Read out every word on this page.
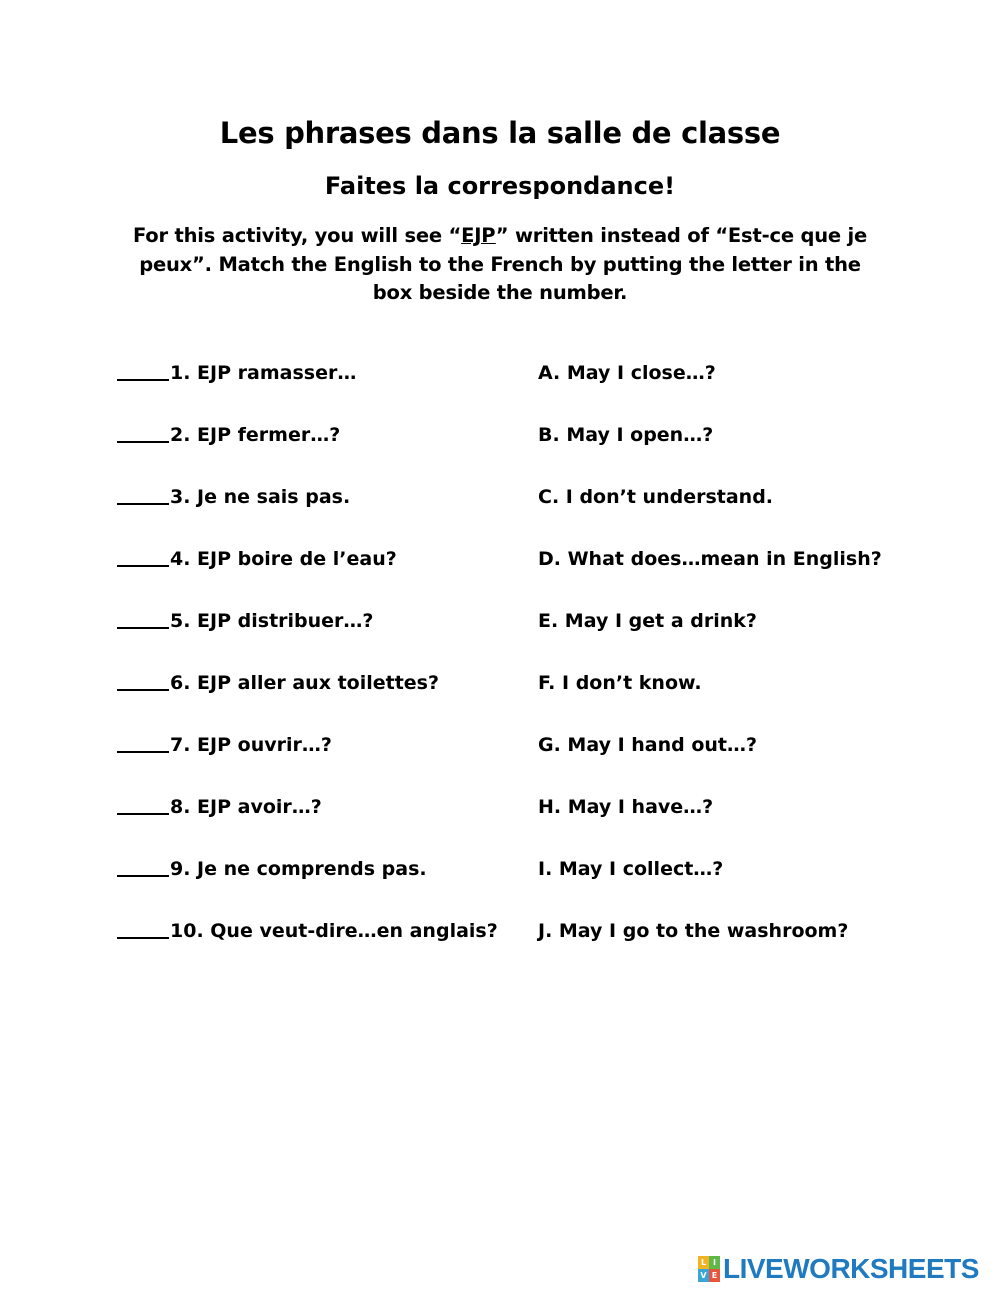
Les phrases dans la salle de classe
Faites la correspondance!
For this activity, you will see “EJP” written instead of “Est-ce que je peux”. Match the English to the French by putting the letter in the box beside the number.
1. EJP ramasser…	A. May I close…?
2. EJP fermer…?	B. May I open…?
3. Je ne sais pas.	C. I don’t understand.
4. EJP boire de l’eau?	D. What does…mean in English?
5. EJP distribuer…?	E. May I get a drink?
6. EJP aller aux toilettes?	F. I don’t know.
7. EJP ouvrir…?	G. May I hand out…?
8. EJP avoir…?	H. May I have…?
9. Je ne comprends pas.	I. May I collect…?
10. Que veut-dire…en anglais? J. May I go to the washroom?
L I
V E LIVEWORKSHEETS
